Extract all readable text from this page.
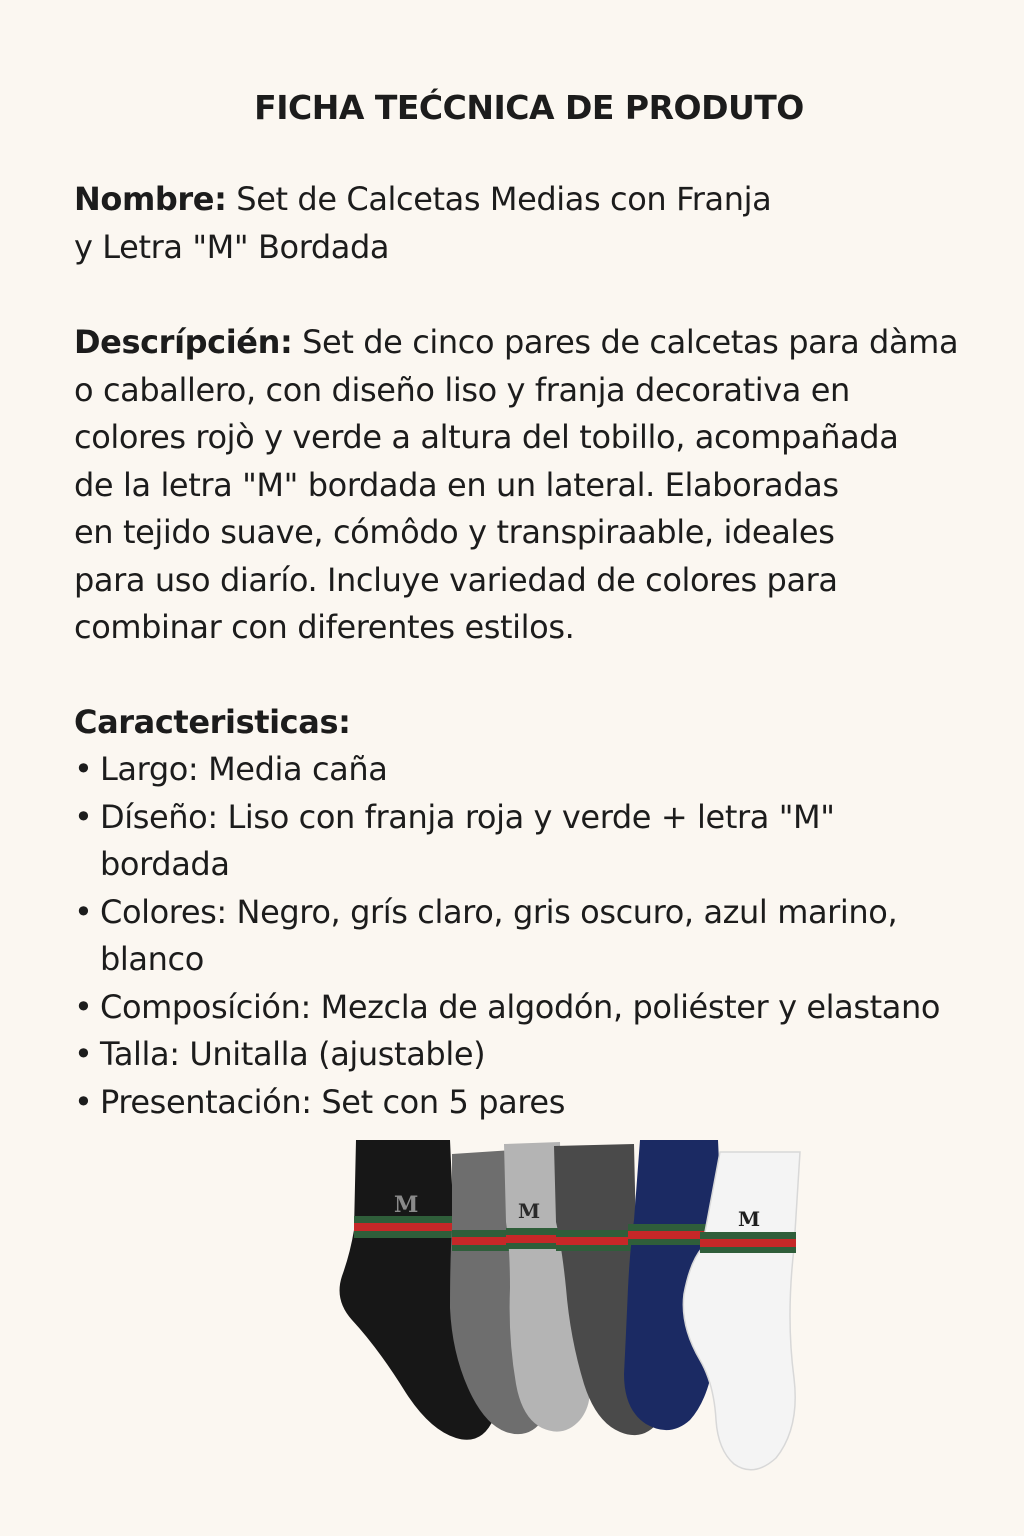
FICHA TEĆCNICA DE PRODUTO

Nombre: Set de Calcetas Medias con Franja
y Letra "M" Bordada

Descrípcién: Set de cinco pares de calcetas para dàma
o caballero, con diseño liso y franja decorativa en
colores rojò y verde a altura del tobillo, acompañada
de la letra "M" bordada en un lateral. Elaboradas
en tejido suave, cómôdo y transpiraable, ideales
para uso diarío. Incluye variedad de colores para
combinar con diferentes estilos.

Caracteristicas:

• Largo: Media caña
• Díseño: Liso con franja roja y verde + letra "M"
bordada
• Colores: Negro, grís claro, gris oscuro, azul marino,
blanco
• Composíción: Mezcla de algodón, poliéster y elastano
• Talla: Unitalla (ajustable)
• Presentación: Set con 5 pares
M	M	M
